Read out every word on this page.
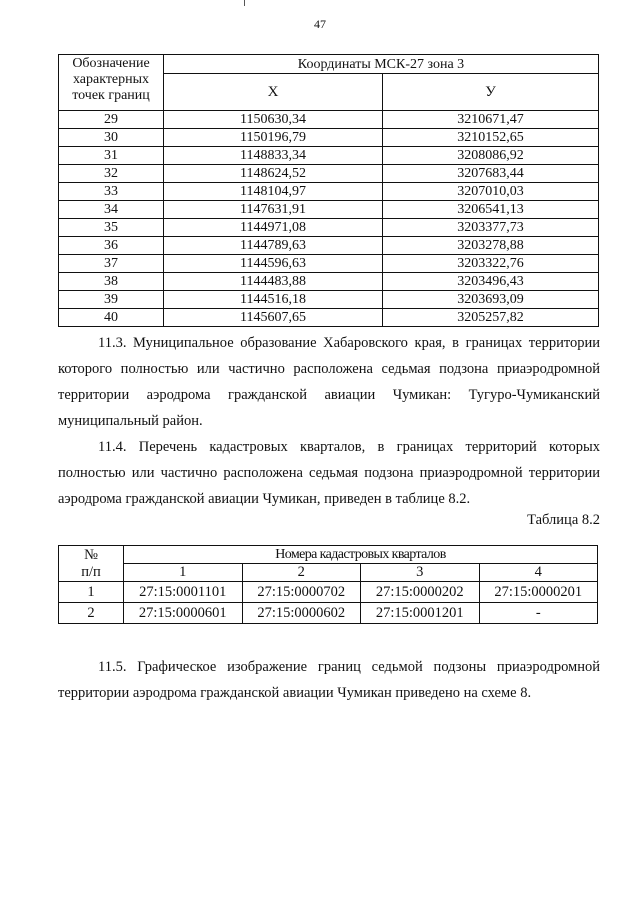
47
Обозначение характерных точек границ	Координаты МСК-27 зона 3	
	X	У
29	1150630,34	3210671,47
30	1150196,79	3210152,65
31	1148833,34	3208086,92
32	1148624,52	3207683,44
33	1148104,97	3207010,03
34	1147631,91	3206541,13
35	1144971,08	3203377,73
36	1144789,63	3203278,88
37	1144596,63	3203322,76
38	1144483,88	3203496,43
39	1144516,18	3203693,09
40	1145607,65	3205257,82

11.3. Муниципальное образование Хабаровского края, в границах территории которого полностью или частично расположена седьмая подзона приаэродромной территории аэродрома гражданской авиации Чумикан: Тугуро-Чумиканский муниципальный район.

11.4. Перечень кадастровых кварталов, в границах территорий которых полностью или частично расположена седьмая подзона приаэродромной территории аэродрома гражданской авиации Чумикан, приведен в таблице 8.2.

Таблица 8.2
№
п/п	Номера кадастровых кварталов			
	1	2	3	4
1	27:15:0001101	27:15:0000702	27:15:0000202	27:15:0000201
2	27:15:0000601	27:15:0000602	27:15:0001201	-

11.5. Графическое изображение границ седьмой подзоны приаэродромной территории аэродрома гражданской авиации Чумикан приведено на схеме 8.
